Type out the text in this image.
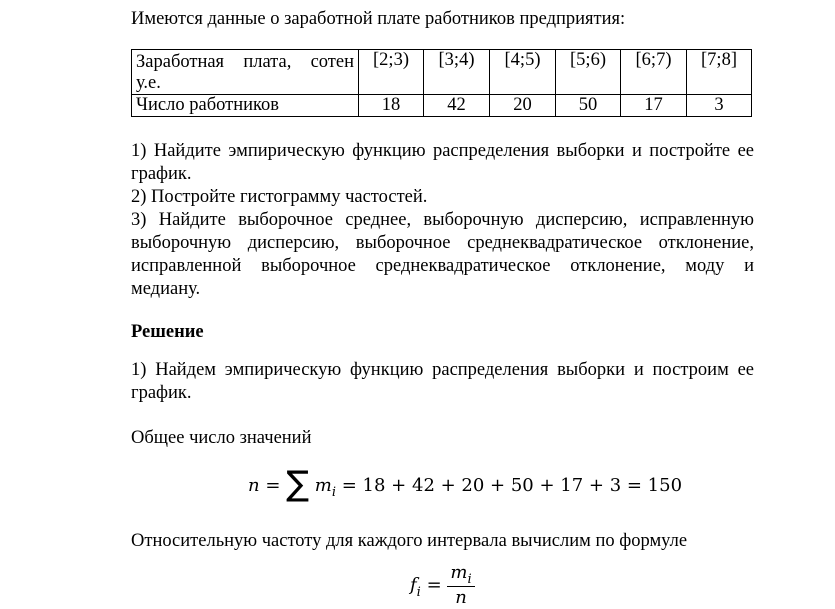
Имеются данные о заработной плате работников предприятия:
Заработная плата, сотен
у.е.	[2;3)	[3;4)	[4;5)	[5;6)	[6;7)	[7;8]
Число работников	18	42	20	50	17	3
1) Найдите эмпирическую функцию распределения выборки и постройте ее
график.
2) Постройте гистограмму частостей.
3) Найдите выборочное среднее, выборочную дисперсию, исправленную
выборочную дисперсию, выборочное среднеквадратическое отклонение,
исправленной выборочное среднеквадратическое отклонение, моду и
медиану.
Решение
1) Найдем эмпирическую функцию распределения выборки и построим ее
график.
Общее число значений
n = ∑ $m_i = 18 + 42 + 20 + 50 + 17 + 3 = 150$
Относительную частоту для каждого интервала вычислим по формуле
$f_i = \frac{m_i}{n}$
